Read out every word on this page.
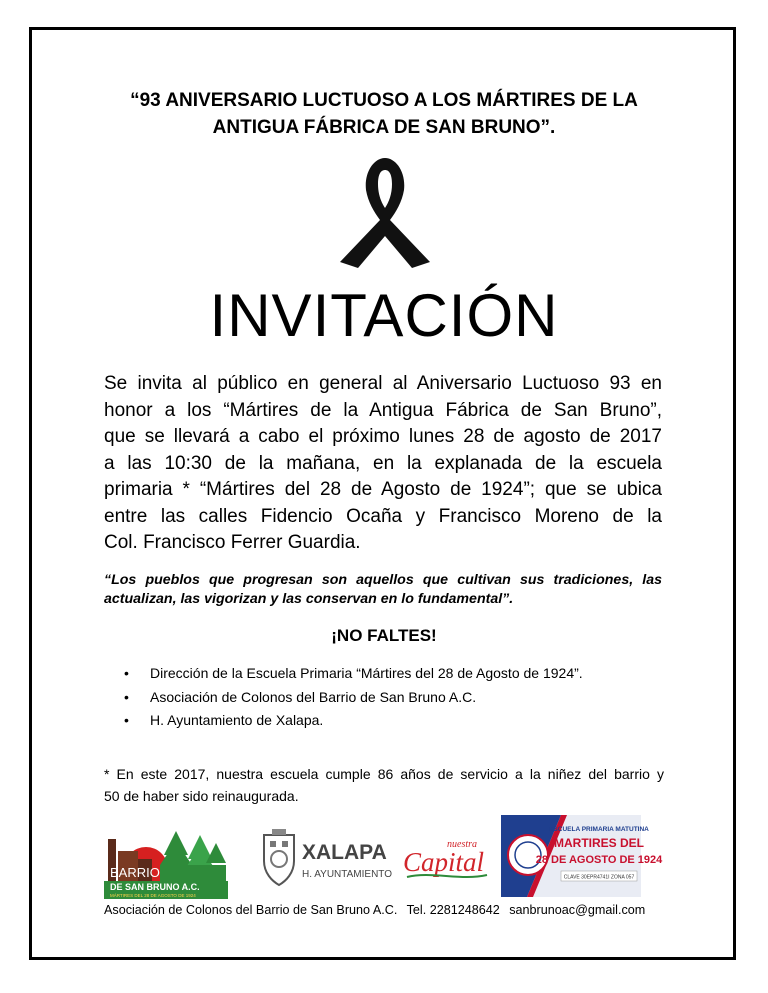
“93 ANIVERSARIO LUCTUOSO A LOS MÁRTIRES DE LA
ANTIGUA FÁBRICA DE SAN BRUNO”.
INVITACIÓN
Se invita al público en general al Aniversario Luctuoso 93 en
honor a los “Mártires de la Antigua Fábrica de San Bruno”,
que se llevará a cabo el próximo lunes 28 de agosto de 2017
a las 10:30 de la mañana, en la explanada de la escuela
primaria * “Mártires del 28 de Agosto de 1924”; que se ubica
entre las calles Fidencio Ocaña y Francisco Moreno de la
Col. Francisco Ferrer Guardia.
“Los pueblos que progresan son aquellos que cultivan sus tradiciones, las
actualizan, las vigorizan y las conservan en lo fundamental”.
¡NO FALTES!
• Dirección de la Escuela Primaria “Mártires del 28 de Agosto de 1924”.
• Asociación de Colonos del Barrio de San Bruno A.C.
• H. Ayuntamiento de Xalapa.
* En este 2017, nuestra escuela cumple 86 años de servicio a la niñez del barrio y
50 de haber sido reinaugurada.
BARRIO
DE SAN BRUNO A.C.
MÁRTIRES DEL 28 DE AGOSTO DE 1924
XALAPA
H. AYUNTAMIENTO
nuestra
Capital
ESCUELA PRIMARIA MATUTINA
MARTIRES DEL
28 DE AGOSTO DE 1924
CLAVE 30EPR4741I ZONA 057
Asociación de Colonos del Barrio de San Bruno A.C. Tel. 2281248642 sanbrunoac@gmail.com
